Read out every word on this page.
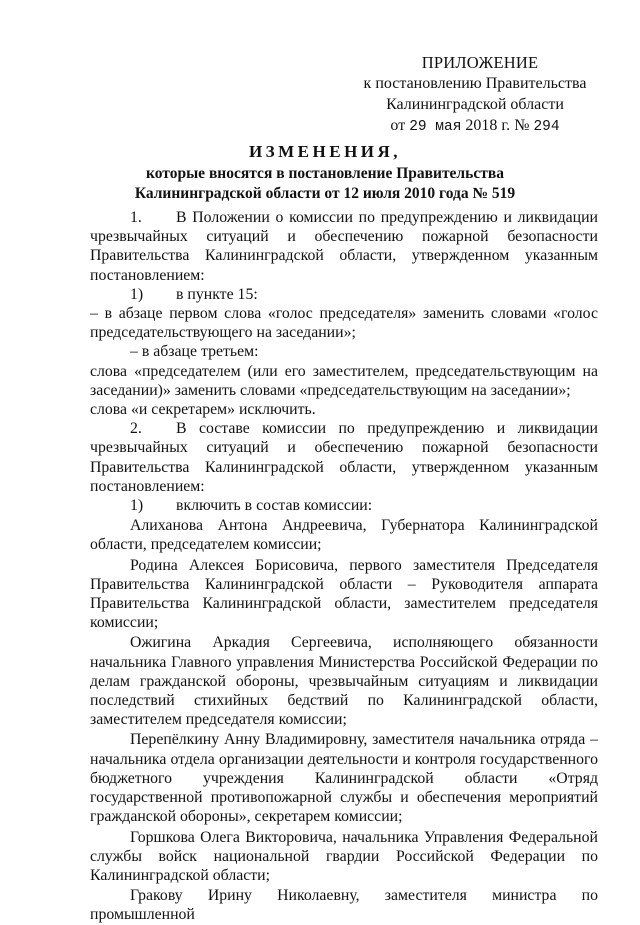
ПРИЛОЖЕНИЕ
к постановлению Правительства
Калининградской области
от 29 мая 2018 г. № 294
ИЗМЕНЕНИЯ,
которые вносятся в постановление Правительства
Калининградской области от 12 июля 2010 года № 519

1. В Положении о комиссии по предупреждению и ликвидации чрезвычайных ситуаций и обеспечению пожарной безопасности Правительства Калининградской области, утвержденном указанным постановлением:

1) в пункте 15:

– в абзаце первом слова «голос председателя» заменить словами «голос председательствующего на заседании»;

– в абзаце третьем:

слова «председателем (или его заместителем, председательствующим на заседании)» заменить словами «председательствующим на заседании»;

слова «и секретарем» исключить.

2. В составе комиссии по предупреждению и ликвидации чрезвычайных ситуаций и обеспечению пожарной безопасности Правительства Калининградской области, утвержденном указанным постановлением:

1) включить в состав комиссии:

Алиханова Антона Андреевича, Губернатора Калининградской области, председателем комиссии;

Родина Алексея Борисовича, первого заместителя Председателя Правительства Калининградской области – Руководителя аппарата Правительства Калининградской области, заместителем председателя комиссии;

Ожигина Аркадия Сергеевича, исполняющего обязанности начальника Главного управления Министерства Российской Федерации по делам гражданской обороны, чрезвычайным ситуациям и ликвидации последствий стихийных бедствий по Калининградской области, заместителем председателя комиссии;

Перепёлкину Анну Владимировну, заместителя начальника отряда – начальника отдела организации деятельности и контроля государственного бюджетного учреждения Калининградской области «Отряд государственной противопожарной службы и обеспечения мероприятий гражданской обороны», секретарем комиссии;

Горшкова Олега Викторовича, начальника Управления Федеральной службы войск национальной гвардии Российской Федерации по Калининградской области;

Гракову Ирину Николаевну, заместителя министра по промышленной
